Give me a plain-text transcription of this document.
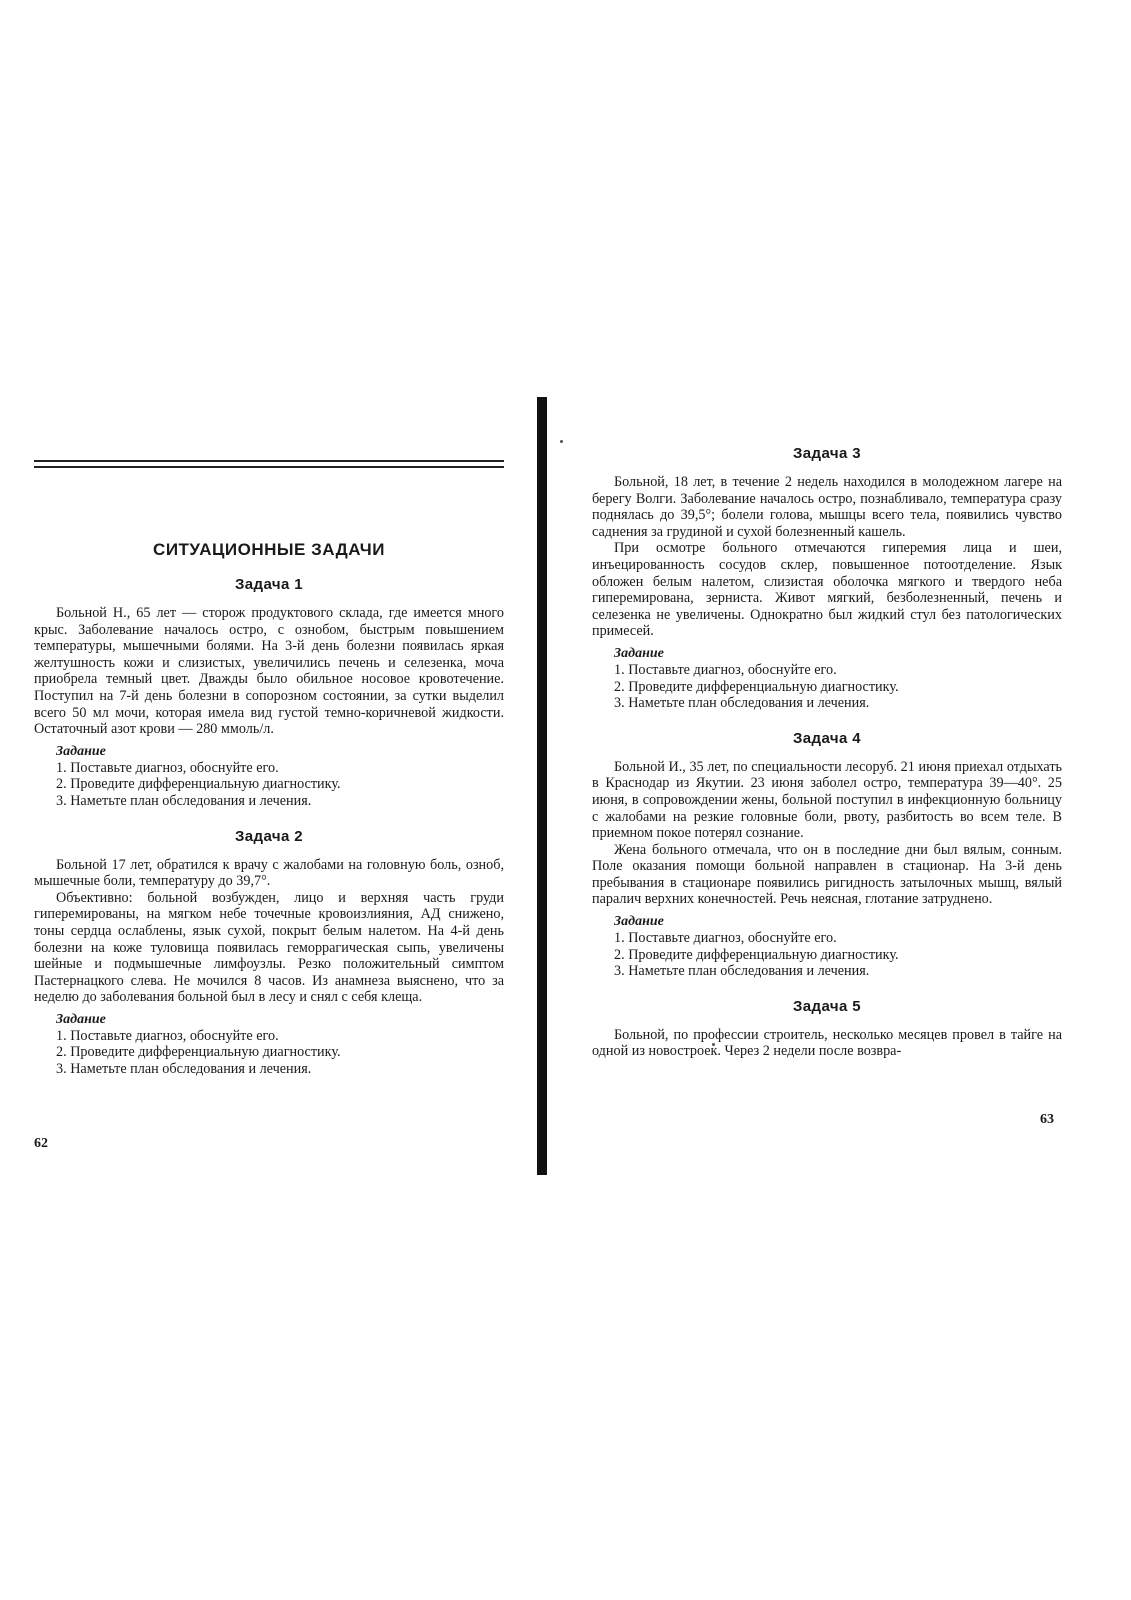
СИТУАЦИОННЫЕ ЗАДАЧИ
Задача 1

Больной Н., 65 лет — сторож продуктового склада, где имеется много крыс. Заболевание началось остро, с ознобом, быстрым повышением температуры, мышечными болями. На 3-й день болезни появилась яркая желтушность кожи и слизистых, увеличились печень и селезенка, моча приобрела темный цвет. Дважды было обильное носовое кровотечение. Поступил на 7-й день болезни в сопорозном состоянии, за сутки выделил всего 50 мл мочи, которая имела вид густой темно-коричневой жидкости. Остаточный азот крови — 280 ммоль/л.

Задание
1. Поставьте диагноз, обоснуйте его.
2. Проведите дифференциальную диагностику.
3. Наметьте план обследования и лечения.
Задача 2

Больной 17 лет, обратился к врачу с жалобами на головную боль, озноб, мышечные боли, температуру до 39,7°.

Объективно: больной возбужден, лицо и верхняя часть груди гиперемированы, на мягком небе точечные кровоизлияния, АД снижено, тоны сердца ослаблены, язык сухой, покрыт белым налетом. На 4-й день болезни на коже туловища появилась геморрагическая сыпь, увеличены шейные и подмышечные лимфоузлы. Резко положительный симптом Пастернацкого слева. Не мочился 8 часов. Из анамнеза выяснено, что за неделю до заболевания больной был в лесу и снял с себя клеща.

Задание
1. Поставьте диагноз, обоснуйте его.
2. Проведите дифференциальную диагностику.
3. Наметьте план обследования и лечения.
62
Задача 3

Больной, 18 лет, в течение 2 недель находился в молодежном лагере на берегу Волги. Заболевание началось остро, познабливало, температура сразу поднялась до 39,5°; болели голова, мышцы всего тела, появились чувство саднения за грудиной и сухой болезненный кашель.

При осмотре больного отмечаются гиперемия лица и шеи, инъецированность сосудов склер, повышенное потоотделение. Язык обложен белым налетом, слизистая оболочка мягкого и твердого неба гиперемирована, зерниста. Живот мягкий, безболезненный, печень и селезенка не увеличены. Однократно был жидкий стул без патологических примесей.

Задание
1. Поставьте диагноз, обоснуйте его.
2. Проведите дифференциальную диагностику.
3. Наметьте план обследования и лечения.
Задача 4

Больной И., 35 лет, по специальности лесоруб. 21 июня приехал отдыхать в Краснодар из Якутии. 23 июня заболел остро, температура 39—40°. 25 июня, в сопровождении жены, больной поступил в инфекционную больницу с жалобами на резкие головные боли, рвоту, разбитость во всем теле. В приемном покое потерял сознание.

Жена больного отмечала, что он в последние дни был вялым, сонным. Поле оказания помощи больной направлен в стационар. На 3-й день пребывания в стационаре появились ригидность затылочных мышц, вялый паралич верхних конечностей. Речь неясная, глотание затруднено.

Задание
1. Поставьте диагноз, обоснуйте его.
2. Проведите дифференциальную диагностику.
3. Наметьте план обследования и лечения.
Задача 5

Больной, по профессии строитель, несколько месяцев провел в тайге на одной из новостроек. Через 2 недели после возвра-

63
